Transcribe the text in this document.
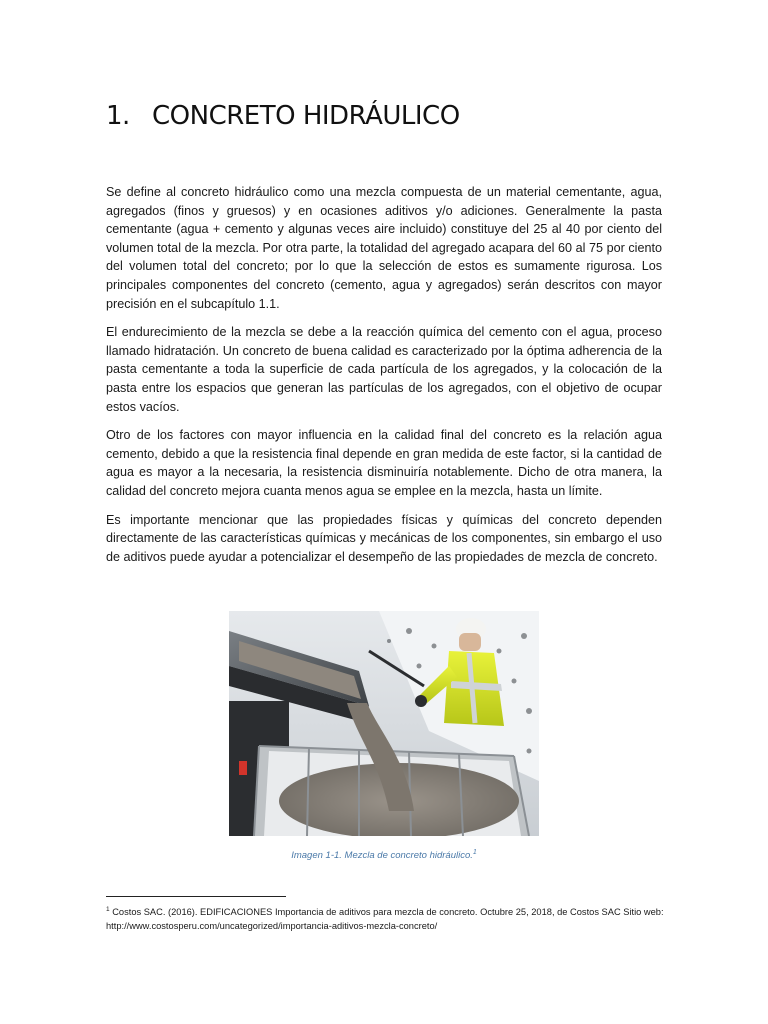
1. CONCRETO HIDRÁULICO

Se define al concreto hidráulico como una mezcla compuesta de un material cementante, agua, agregados (finos y gruesos) y en ocasiones aditivos y/o adiciones. Generalmente la pasta cementante (agua + cemento y algunas veces aire incluido) constituye del 25 al 40 por ciento del volumen total de la mezcla. Por otra parte, la totalidad del agregado acapara del 60 al 75 por ciento del volumen total del concreto; por lo que la selección de estos es sumamente rigurosa. Los principales componentes del concreto (cemento, agua y agregados) serán descritos con mayor precisión en el subcapítulo 1.1.

El endurecimiento de la mezcla se debe a la reacción química del cemento con el agua, proceso llamado hidratación. Un concreto de buena calidad es caracterizado por la óptima adherencia de la pasta cementante a toda la superficie de cada partícula de los agregados, y la colocación de la pasta entre los espacios que generan las partículas de los agregados, con el objetivo de ocupar estos vacíos.

Otro de los factores con mayor influencia en la calidad final del concreto es la relación agua cemento, debido a que la resistencia final depende en gran medida de este factor, si la cantidad de agua es mayor a la necesaria, la resistencia disminuiría notablemente. Dicho de otra manera, la calidad del concreto mejora cuanta menos agua se emplee en la mezcla, hasta un límite.

Es importante mencionar que las propiedades físicas y químicas del concreto dependen directamente de las características químicas y mecánicas de los componentes, sin embargo el uso de aditivos puede ayudar a potencializar el desempeño de las propiedades de mezcla de concreto.

Imagen 1-1. Mezcla de concreto hidráulico.$^1$
$^1$ Costos SAC. (2016). EDIFICACIONES Importancia de aditivos para mezcla de concreto. Octubre 25, 2018, de Costos SAC Sitio web: http://www.costosperu.com/uncategorized/importancia-aditivos-mezcla-concreto/
